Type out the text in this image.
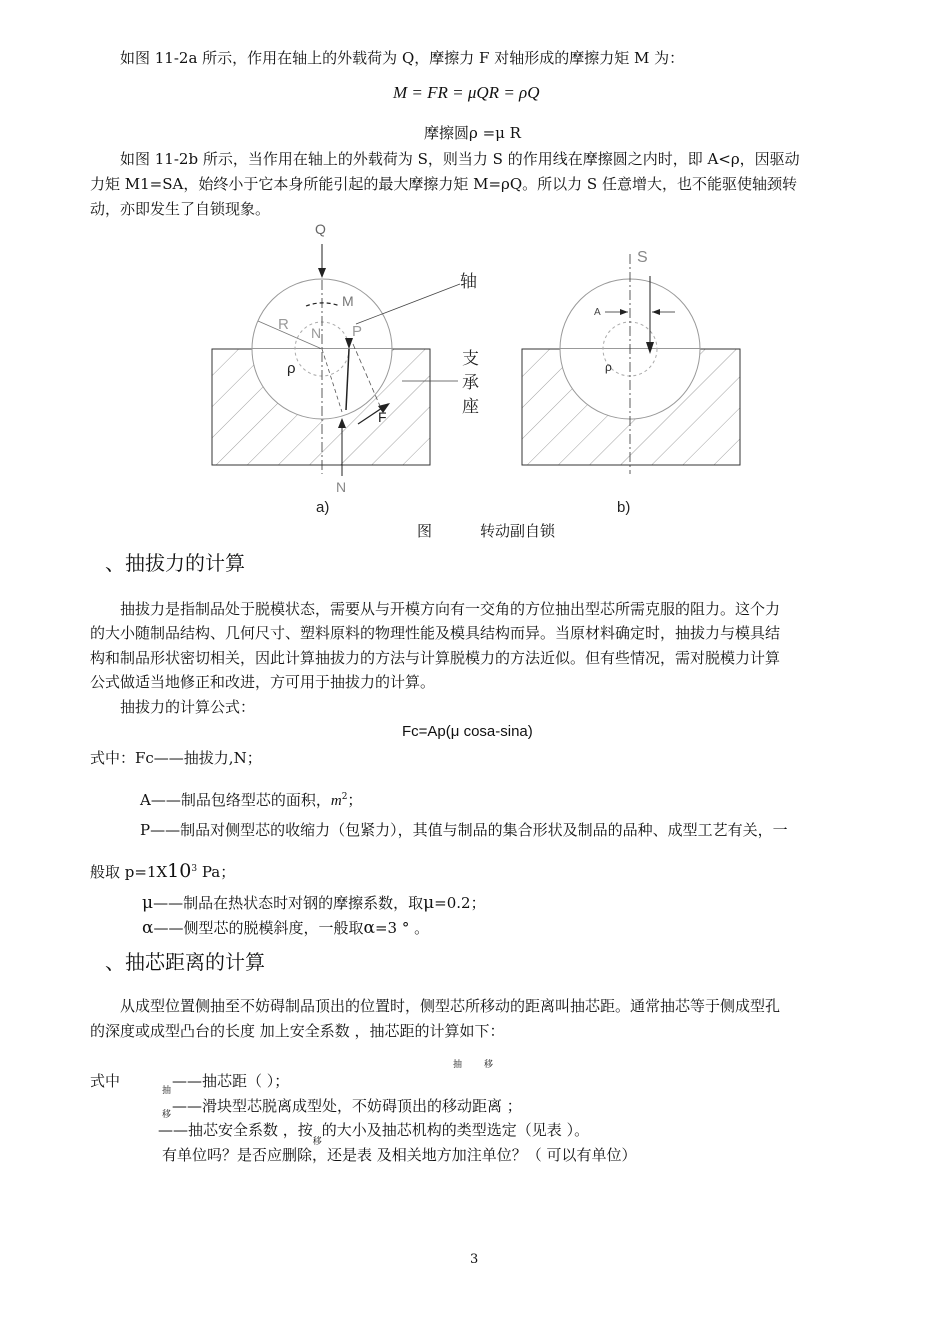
如图 11-2a 所示，作用在轴上的外载荷为 Q，摩擦力 F 对轴形成的摩擦力矩 M 为：
M = FR = μQR = ρQ
摩擦圆ρ =μ R
如图 11-2b 所示，当作用在轴上的外载荷为 S，则当力 S 的作用线在摩擦圆之内时，即 A<ρ，因驱动
力矩 M1=SA，始终小于它本身所能引起的最大摩擦力矩 M=ρQ。所以力 S 任意增大，也不能驱使轴颈转
动，亦即发生了自锁现象。
Q
M
R N P
ρ
F
N
轴
支
承
座
S
A
ρ
a)	b)
图	转动副自锁
、抽拔力的计算
抽拔力是指制品处于脱模状态，需要从与开模方向有一交角的方位抽出型芯所需克服的阻力。这个力
的大小随制品结构、几何尺寸、塑料原料的物理性能及模具结构而异。当原材料确定时，抽拔力与模具结
构和制品形状密切相关，因此计算抽拔力的方法与计算脱模力的方法近似。但有些情况，需对脱模力计算
公式做适当地修正和改进，方可用于抽拔力的计算。
抽拔力的计算公式：
Fc=Ap(μ cosa-sina)
式中：Fc——抽拔力,N；
A——制品包络型芯的面积，$m^2$；
P——制品对侧型芯的收缩力（包紧力），其值与制品的集合形状及制品的品种、成型工艺有关，一
般取 $p=1X10^3$ Pa；
μ——制品在热状态时对钢的摩擦系数，取μ=0.2；
α——侧型芯的脱模斜度，一般取α=3 ° 。
、抽芯距离的计算
从成型位置侧抽至不妨碍制品顶出的位置时，侧型芯所移动的距离叫抽芯距。通常抽芯等于侧成型孔
的深度或成型凸台的长度 加上安全系数 ，抽芯距的计算如下：
抽 移
式中
抽
——抽芯距（ ）；
移 ——滑块型芯脱离成型处，不妨碍顶出的移动距离 ；
——抽芯安全系数 ，按$_移$的大小及抽芯机构的类型选定（见表 ）。
有单位吗？是否应删除，还是表 及相关地方加注单位？（ 可以有单位）
3
